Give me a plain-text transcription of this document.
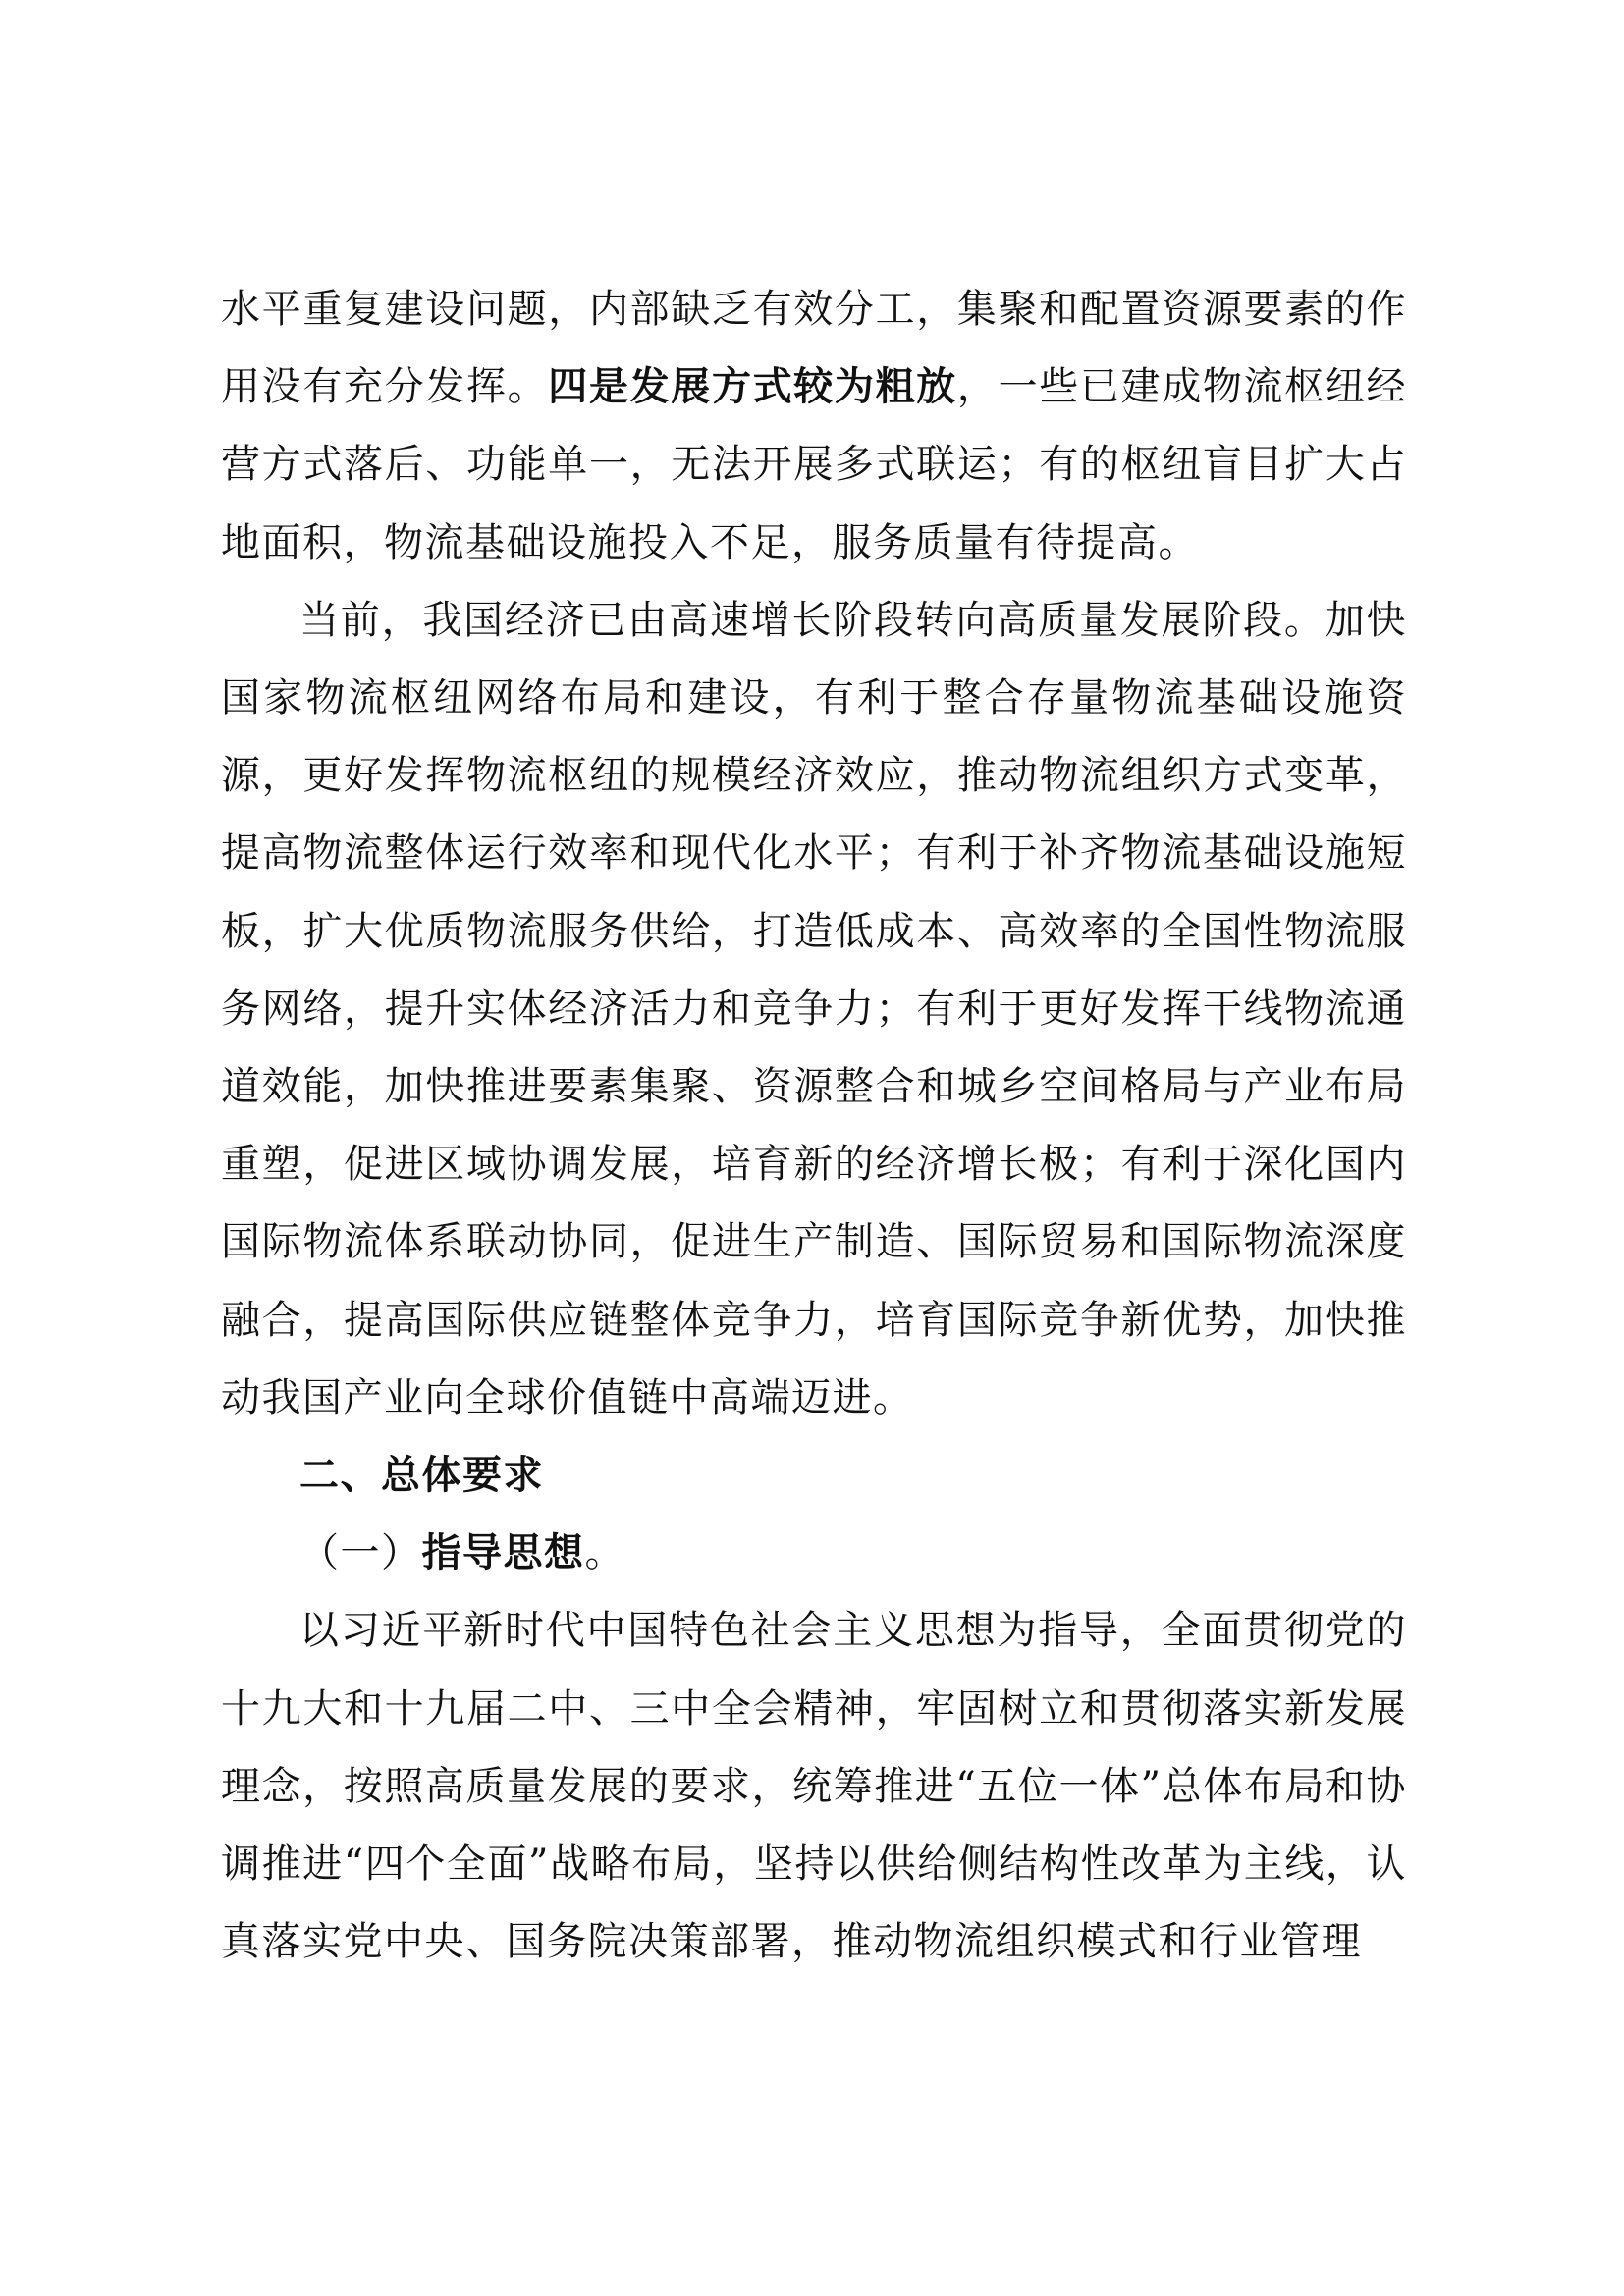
水平重复建设问题，内部缺乏有效分工，集聚和配置资源要素的作用没有充分发挥。四是发展方式较为粗放，一些已建成物流枢纽经营方式落后、功能单一，无法开展多式联运；有的枢纽盲目扩大占地面积，物流基础设施投入不足，服务质量有待提高。

当前，我国经济已由高速增长阶段转向高质量发展阶段。加快国家物流枢纽网络布局和建设，有利于整合存量物流基础设施资源，更好发挥物流枢纽的规模经济效应，推动物流组织方式变革，提高物流整体运行效率和现代化水平；有利于补齐物流基础设施短板，扩大优质物流服务供给，打造低成本、高效率的全国性物流服务网络，提升实体经济活力和竞争力；有利于更好发挥干线物流通道效能，加快推进要素集聚、资源整合和城乡空间格局与产业布局重塑，促进区域协调发展，培育新的经济增长极；有利于深化国内国际物流体系联动协同，促进生产制造、国际贸易和国际物流深度融合，提高国际供应链整体竞争力，培育国际竞争新优势，加快推动我国产业向全球价值链中高端迈进。

二、总体要求

（一）指导思想。

以习近平新时代中国特色社会主义思想为指导，全面贯彻党的十九大和十九届二中、三中全会精神，牢固树立和贯彻落实新发展理念，按照高质量发展的要求，统筹推进“五位一体”总体布局和协调推进“四个全面”战略布局，坚持以供给侧结构性改革为主线，认真落实党中央、国务院决策部署，推动物流组织模式和行业管理
